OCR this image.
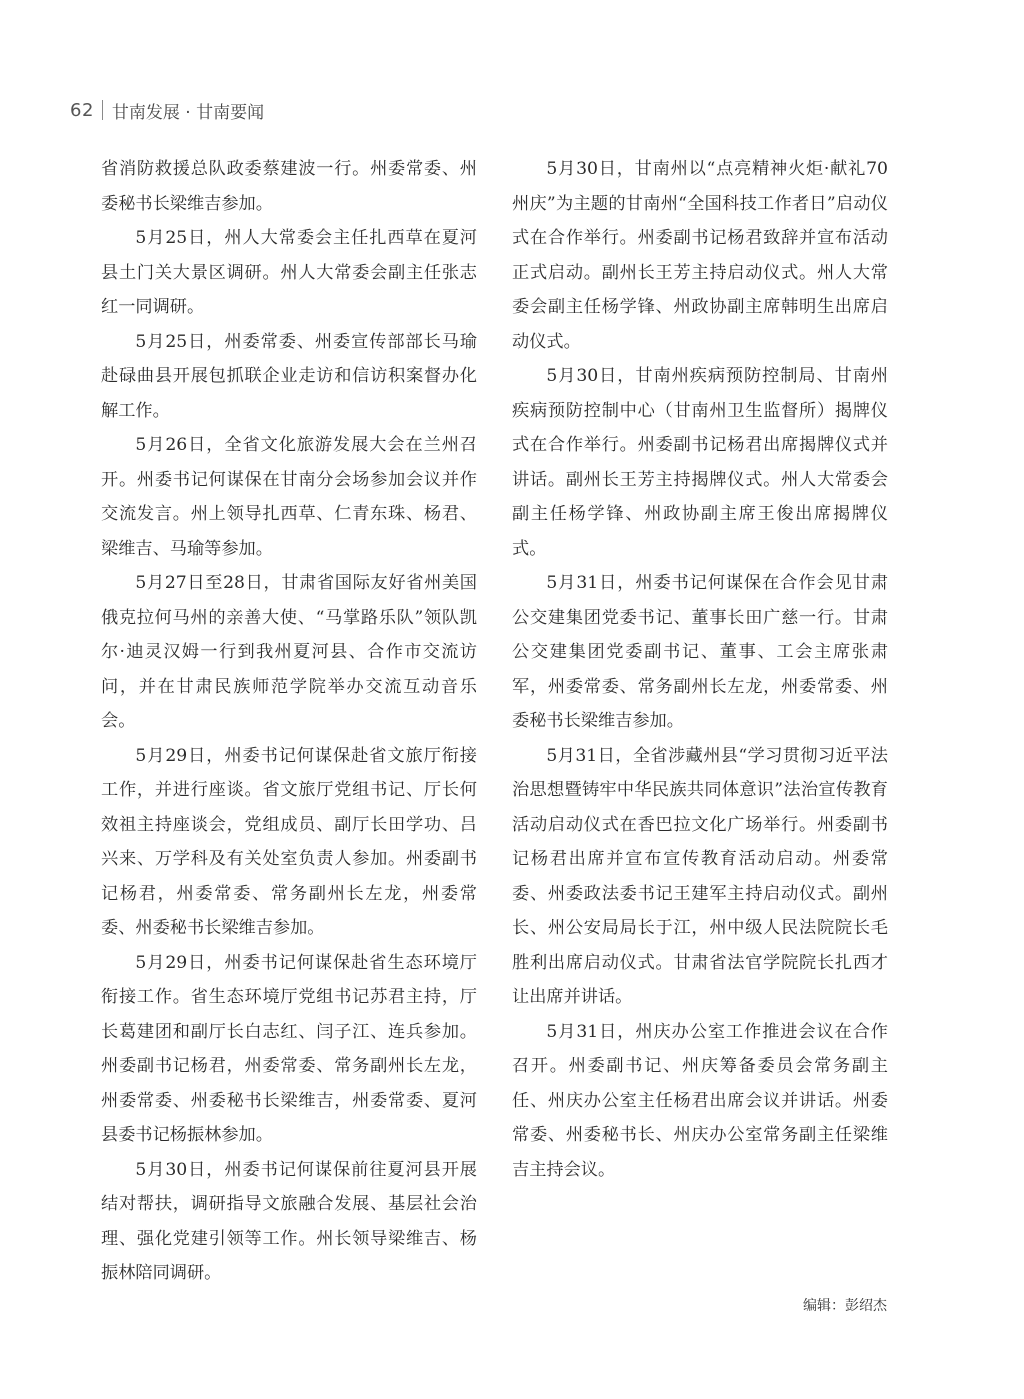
62 甘南发展 · 甘南要闻

省消防救援总队政委蔡建波一行。州委常委、州委秘书长梁维吉参加。

5月25日，州人大常委会主任扎西草在夏河县土门关大景区调研。州人大常委会副主任张志红一同调研。

5月25日，州委常委、州委宣传部部长马瑜赴碌曲县开展包抓联企业走访和信访积案督办化解工作。

5月26日，全省文化旅游发展大会在兰州召开。州委书记何谋保在甘南分会场参加会议并作交流发言。州上领导扎西草、仁青东珠、杨君、梁维吉、马瑜等参加。

5月27日至28日，甘肃省国际友好省州美国俄克拉何马州的亲善大使、“马掌路乐队”领队凯尔·迪灵汉姆一行到我州夏河县、合作市交流访问，并在甘肃民族师范学院举办交流互动音乐会。

5月29日，州委书记何谋保赴省文旅厅衔接工作，并进行座谈。省文旅厅党组书记、厅长何效祖主持座谈会，党组成员、副厅长田学功、吕兴来、万学科及有关处室负责人参加。州委副书记杨君，州委常委、常务副州长左龙，州委常委、州委秘书长梁维吉参加。

5月29日，州委书记何谋保赴省生态环境厅衔接工作。省生态环境厅党组书记苏君主持，厅长葛建团和副厅长白志红、闫子江、连兵参加。州委副书记杨君，州委常委、常务副州长左龙，州委常委、州委秘书长梁维吉，州委常委、夏河县委书记杨振林参加。

5月30日，州委书记何谋保前往夏河县开展结对帮扶，调研指导文旅融合发展、基层社会治理、强化党建引领等工作。州长领导梁维吉、杨振林陪同调研。

5月30日，甘南州以“点亮精神火炬·献礼70州庆”为主题的甘南州“全国科技工作者日”启动仪式在合作举行。州委副书记杨君致辞并宣布活动正式启动。副州长王芳主持启动仪式。州人大常委会副主任杨学锋、州政协副主席韩明生出席启动仪式。

5月30日，甘南州疾病预防控制局、甘南州疾病预防控制中心（甘南州卫生监督所）揭牌仪式在合作举行。州委副书记杨君出席揭牌仪式并讲话。副州长王芳主持揭牌仪式。州人大常委会副主任杨学锋、州政协副主席王俊出席揭牌仪式。

5月31日，州委书记何谋保在合作会见甘肃公交建集团党委书记、董事长田广慈一行。甘肃公交建集团党委副书记、董事、工会主席张肃军，州委常委、常务副州长左龙，州委常委、州委秘书长梁维吉参加。

5月31日，全省涉藏州县“学习贯彻习近平法治思想暨铸牢中华民族共同体意识”法治宣传教育活动启动仪式在香巴拉文化广场举行。州委副书记杨君出席并宣布宣传教育活动启动。州委常委、州委政法委书记王建军主持启动仪式。副州长、州公安局局长于江，州中级人民法院院长毛胜利出席启动仪式。甘肃省法官学院院长扎西才让出席并讲话。

5月31日，州庆办公室工作推进会议在合作召开。州委副书记、州庆筹备委员会常务副主任、州庆办公室主任杨君出席会议并讲话。州委常委、州委秘书长、州庆办公室常务副主任梁维吉主持会议。

编辑：彭绍杰
